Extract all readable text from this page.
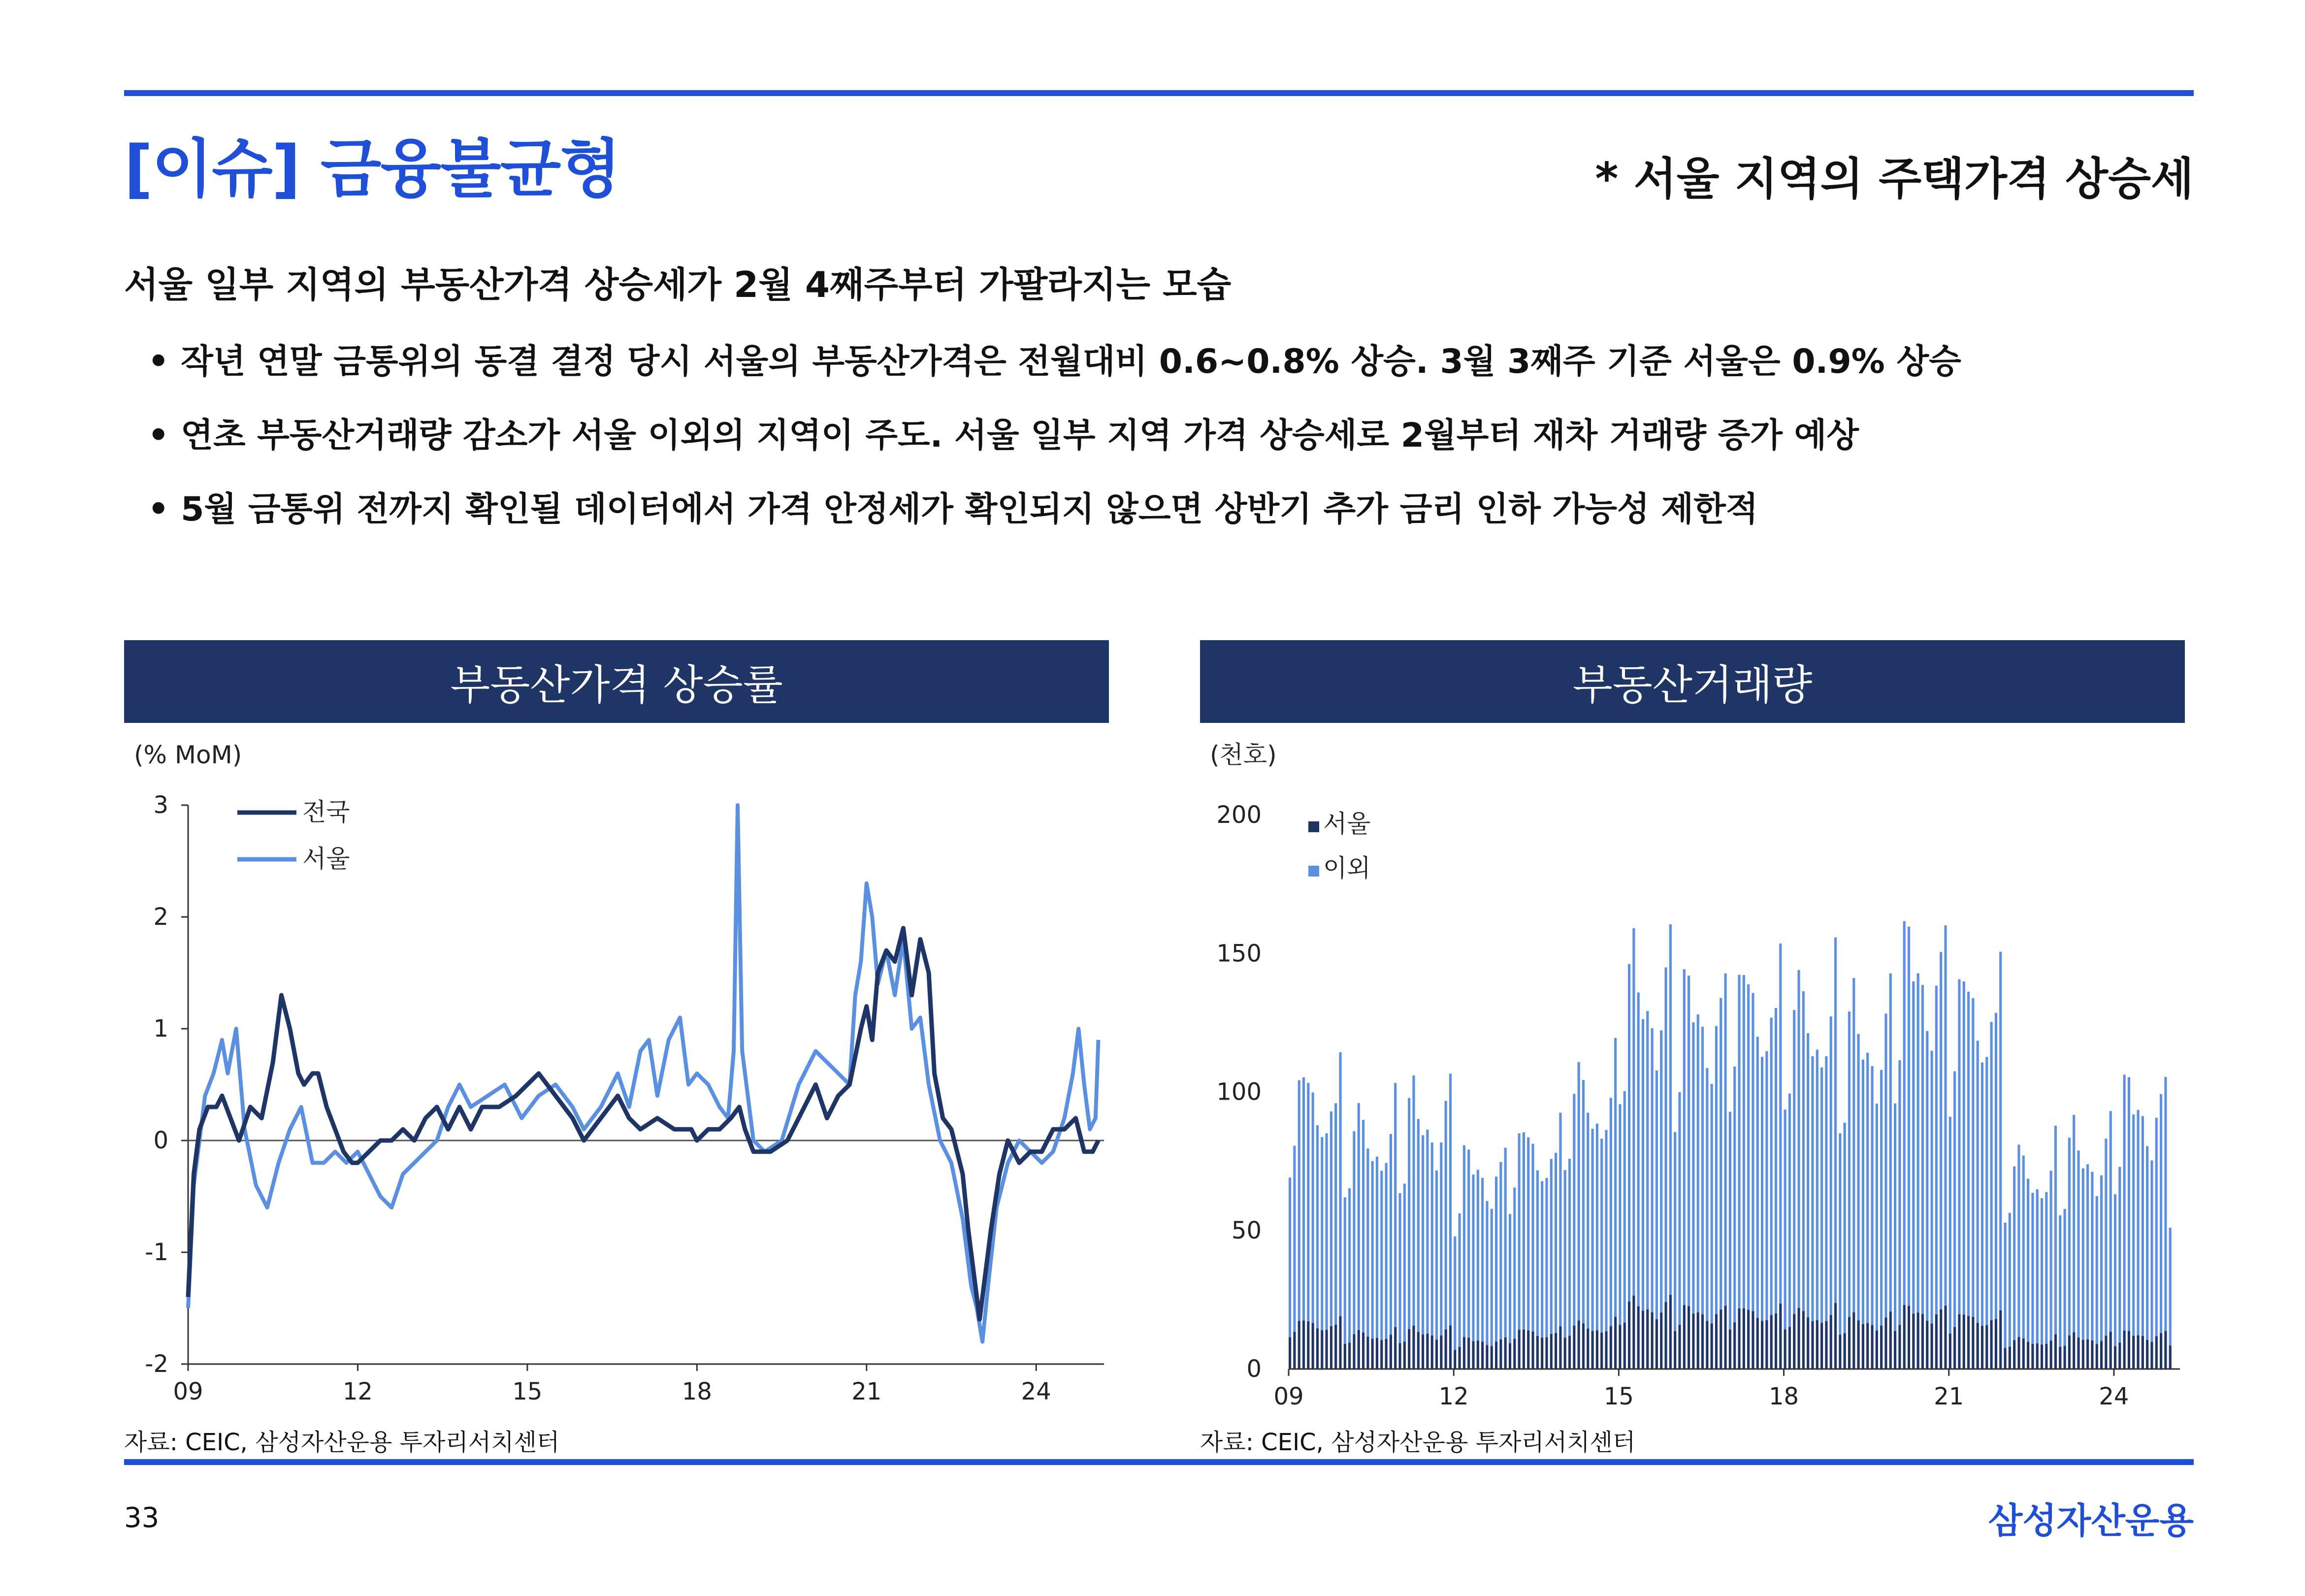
[이슈] 금융불균형	* 서울 지역의 주택가격 상승세
서울 일부 지역의 부동산가격 상승세가 2월 4째주부터 가팔라지는 모습
• 작년 연말 금통위의 동결 결정 당시 서울의 부동산가격은 전월대비 0.6~0.8% 상승. 3월 3째주 기준 서울은 0.9% 상승
• 연초 부동산거래량 감소가 서울 이외의 지역이 주도. 서울 일부 지역 가격 상승세로 2월부터 재차 거래량 증가 예상
• 5월 금통위 전까지 확인될 데이터에서 가격 안정세가 확인되지 않으면 상반기 추가 금리 인하 가능성 제한적
부동산가격 상승률	부동산거래량
(% MoM)
3
2
1
0
-1
-2
09	12	15	18	21	24
전국
서울
(천호)
200
150
100
50
0
09	12	15	18	21	24
서울
이외
자료: CEIC, 삼성자산운용 투자리서치센터	자료: CEIC, 삼성자산운용 투자리서치센터
33	삼성자산운용
